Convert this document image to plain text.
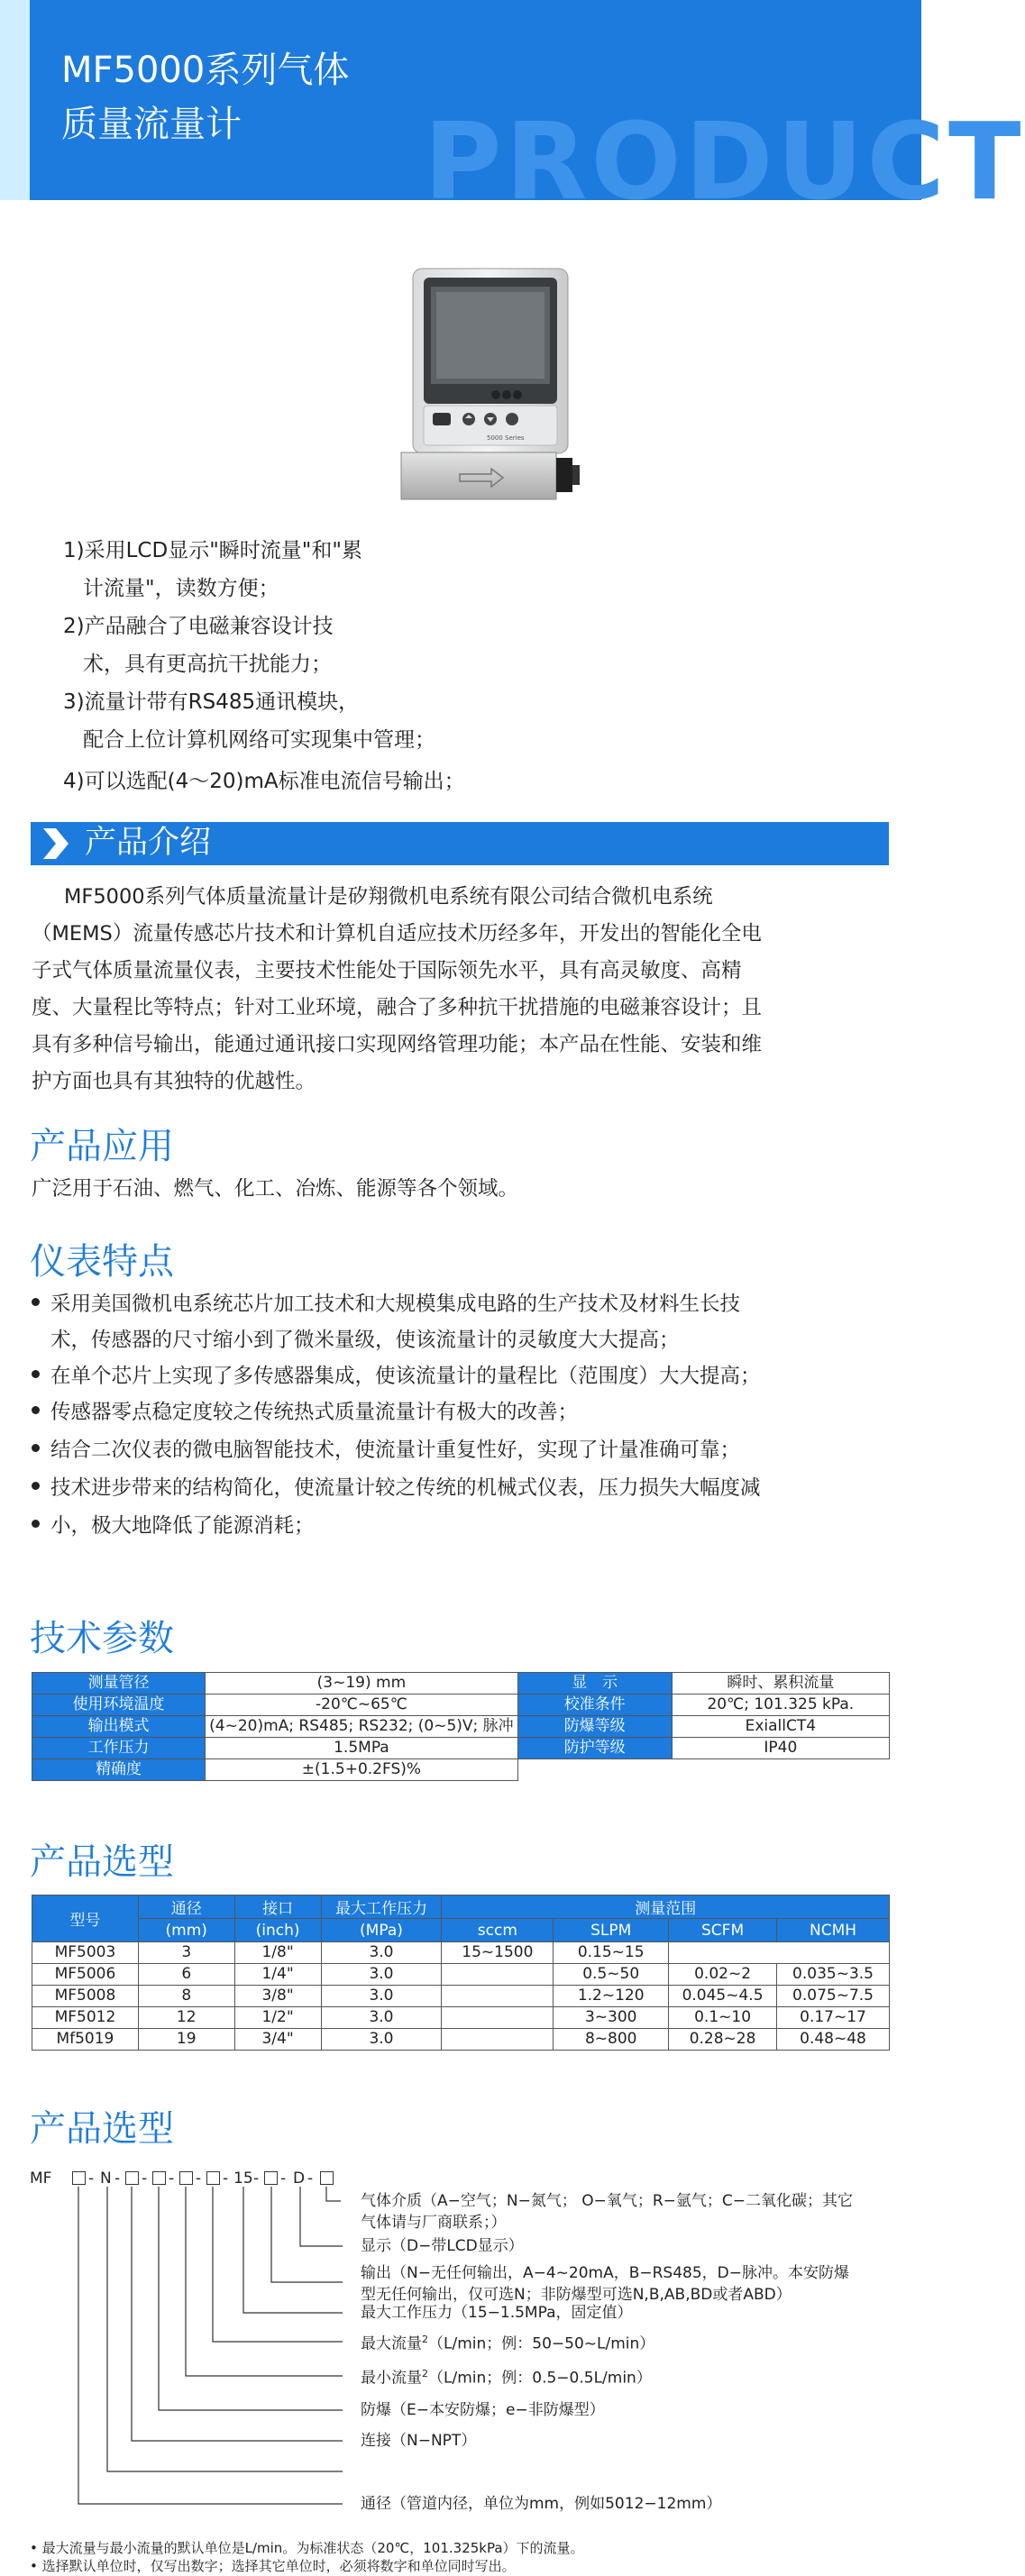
PRODUCT
MF5000系列气体
质量流量计
5000 Series
1)采用LCD显示"瞬时流量"和"累
计流量"，读数方便；
2)产品融合了电磁兼容设计技
术，具有更高抗干扰能力；
3)流量计带有RS485通讯模块，
配合上位计算机网络可实现集中管理；
4)可以选配(4～20)mA标准电流信号输出；
产品介绍
MF5000系列气体质量流量计是矽翔微机电系统有限公司结合微机电系统
（MEMS）流量传感芯片技术和计算机自适应技术历经多年，开发出的智能化全电
子式气体质量流量仪表，主要技术性能处于国际领先水平，具有高灵敏度、高精
度、大量程比等特点；针对工业环境，融合了多种抗干扰措施的电磁兼容设计；且
具有多种信号输出，能通过通讯接口实现网络管理功能；本产品在性能、安装和维
护方面也具有其独特的优越性。
产品应用
广泛用于石油、燃气、化工、冶炼、能源等各个领域。
仪表特点
采用美国微机电系统芯片加工技术和大规模集成电路的生产技术及材料生长技
术，传感器的尺寸缩小到了微米量级，使该流量计的灵敏度大大提高；
在单个芯片上实现了多传感器集成，使该流量计的量程比（范围度）大大提高；
传感器零点稳定度较之传统热式质量流量计有极大的改善；
结合二次仪表的微电脑智能技术，使流量计重复性好，实现了计量准确可靠；
技术进步带来的结构简化，使流量计较之传统的机械式仪表，压力损失大幅度减
小，极大地降低了能源消耗；
技术参数
测量管径	(3~19) mm	显　示	瞬时、累积流量
使用环境温度	-20℃~65℃	校准条件	20℃; 101.325 kPa.
输出模式	(4~20)mA; RS485; RS232; (0~5)V; 脉冲	防爆等级	ExiallCT4
工作压力	1.5MPa	防护等级	IP40
精确度	±(1.5+0.2FS)%		
产品选型
型号	通径	接口	最大工作压力	测量范围			
	(mm)	(inch)	(MPa)	sccm	SLPM	SCFM	NCMH
MF5003	3	1/8"	3.0	15~1500	0.15~15		
MF5006	6	1/4"	3.0		0.5~50	0.02~2	0.035~3.5
MF5008	8	3/8"	3.0		1.2~120	0.045~4.5	0.075~7.5
MF5012	12	1/2"	3.0		3~300	0.1~10	0.17~17
Mf5019	19	3/4"	3.0		8~800	0.28~28	0.48~48
产品选型
MF - N - - - - - 15 - - D -
气体介质（A−空气；N−氮气； O−氧气；R−氩气；C−二氧化碳；其它
气体请与厂商联系；）
显示（D−带LCD显示）
输出（N−无任何输出，A−4~20mA，B−RS485，D−脉冲。本安防爆
型无任何输出，仅可选N；非防爆型可选N,B,AB,BD或者ABD）
最大工作压力（15−1.5MPa，固定值）
最大流量$^2$（L/min；例：50−50~L/min）
最小流量$^2$（L/min；例：0.5−0.5L/min）
防爆（E−本安防爆；e−非防爆型）
连接（N−NPT）
通径（管道内径，单位为mm，例如5012−12mm）
• 最大流量与最小流量的默认单位是L/min。为标准状态（20℃，101.325kPa）下的流量。
• 选择默认单位时，仅写出数字；选择其它单位时，必须将数字和单位同时写出。
